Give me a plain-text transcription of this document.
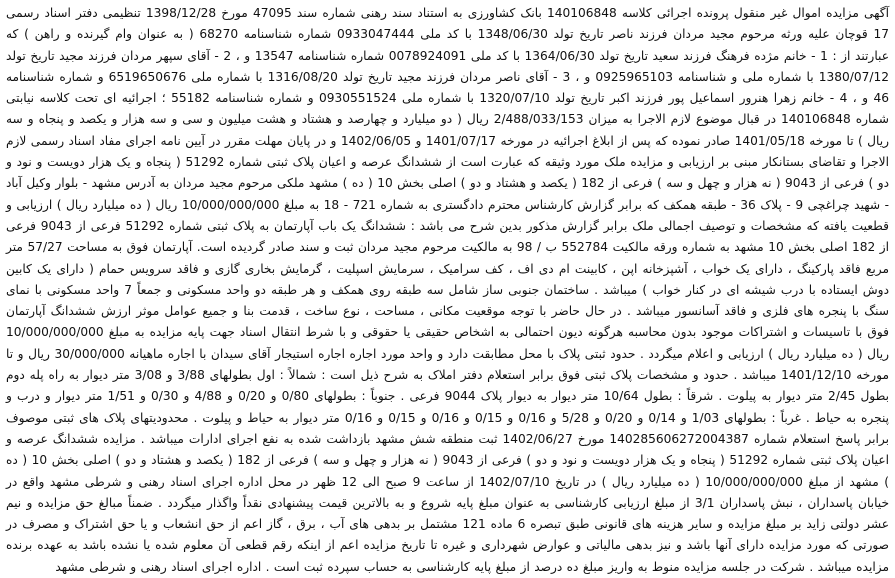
آگهی مزایده اموال غیر منقول پرونده اجرائی کلاسه 140106848 بانک کشاورزی به استناد سند رهنی شماره سند 47095 مورخ 1398/12/28 تنظیمی دفتر اسناد رسمی 17 قوچان علیه ورثه مرحوم مجید مردان فرزند ناصر تاریخ تولد 1348/06/30 با کد ملی 0933047444 شماره شناسنامه 68270 ( به عنوان وام گیرنده و راهن ) که عبارتند از : 1 - خانم مژده فرهنگ فرزند سعید تاریخ تولد 1364/06/30 با کد ملی 0078924091 شماره شناسنامه 13547 و ، 2 - آقای سپهر مردان فرزند مجید تاریخ تولد 1380/07/12 با شماره ملی و شناسنامه 0925965103 و ، 3 - آقای ناصر مردان فرزند مجید تاریخ تولد 1316/08/20 با شماره ملی 6519650676 و شماره شناسنامه 46 و ، 4 - خانم زهرا هنرور اسماعیل پور فرزند اکبر تاریخ تولد 1320/07/10 با شماره ملی 0930551524 و شماره شناسنامه 55182 ؛ اجرائیه ای تحت کلاسه نیابتی شماره 140106848 در قبال موضوع لازم الاجرا به میزان 2/488/033/153 ریال ( دو میلیارد و چهارصد و هشتاد و هشت میلیون و سی و سه هزار و یکصد و پنجاه و سه ریال ) تا مورخه 1401/05/18 صادر نموده که پس از ابلاغ اجرائیه در مورخه 1401/07/17 و 1402/06/05 و در پایان مهلت مقرر در آیین نامه اجرای مفاد اسناد رسمی لازم الاجرا و تقاضای بستانکار مبنی بر ارزیابی و مزایده ملک مورد وثیقه که عبارت است از ششدانگ عرصه و اعیان پلاک ثبتی شماره 51292 ( پنجاه و یک هزار دویست و نود و دو ) فرعی از 9043 ( نه هزار و چهل و سه ) فرعی از 182 ( یکصد و هشتاد و دو ) اصلی بخش 10 ( ده ) مشهد ملکی مرحوم مجید مردان به آدرس مشهد - بلوار وکیل آباد - شهید چراغچی 9 - پلاک 36 - طبقه همکف که برابر گزارش کارشناس محترم دادگستری به شماره 721 - 18 به مبلغ 10/000/000/000 ریال ( ده میلیارد ریال ) ارزیابی و قطعیت یافته که مشخصات و توصیف اجمالی ملک برابر گزارش مذکور بدین شرح می باشد : ششدانگ یک باب آپارتمان به پلاک ثبتی شماره 51292 فرعی از 9043 فرعی از 182 اصلی بخش 10 مشهد به شماره ورقه مالکیت 552784 ب / 98 به مالکیت مرحوم مجید مردان ثبت و سند صادر گردیده است. آپارتمان فوق به مساحت 57/27 متر مربع فاقد پارکینگ ، دارای یک خواب ، آشپزخانه اپن ، کابینت ام دی اف ، کف سرامیک ، سرمایش اسپلیت ، گرمایش بخاری گازی و فاقد سرویس حمام ( دارای یک کابین دوش ایستاده با درب شیشه ای در کنار خواب ) میباشد . ساختمان جنوبی ساز شامل سه طبقه روی همکف و هر طبقه دو واحد مسکونی و جمعاً 7 واحد مسکونی با نمای سنگ با پنجره های فلزی و فاقد آسانسور میباشد . در حال حاضر با توجه موقعیت مکانی ، مساحت ، نوع ساخت ، قدمت بنا و جمیع عوامل موثر ارزش ششدانگ آپارتمان فوق با تاسیسات و اشتراکات موجود بدون محاسبه هرگونه دیون احتمالی به اشخاص حقیقی یا حقوقی و با شرط انتقال اسناد جهت پایه مزایده به مبلغ 10/000/000/000 ریال ( ده میلیارد ریال ) ارزیابی و اعلام میگردد . حدود ثبتی پلاک با محل مطابقت دارد و واحد مورد اجاره اجاره استیجار آقای سیدان با اجاره ماهیانه 30/000/000 ریال و تا مورخه 1401/12/10 میباشد . حدود و مشخصات پلاک ثبتی فوق برابر استعلام دفتر املاک به شرح ذیل است : شمالاً : اول بطولهای 3/88 و 3/08 متر دیوار به راه پله دوم بطول 2/45 متر دیوار به پیلوت . شرقاً : بطول 10/64 متر دیوار به دیوار پلاک 9044 فرعی . جنوباً : بطولهای 0/80 و 0/20 و 4/88 و 0/30 و 1/51 متر دیوار و درب و پنجره به حیاط . غرباً : بطولهای 1/03 و 0/14 و 0/20 و 5/28 و 0/16 و 0/15 و 0/16 و 0/15 و 0/16 متر دیوار به حیاط و پیلوت . محدودیتهای پلاک های ثبتی موصوف برابر پاسخ استعلام شماره 140285606272004387 مورخ 1402/06/27 ثبت منطقه شش مشهد بازداشت شده به نفع اجرای ادارات میباشد . مزایده ششدانگ عرصه و اعیان پلاک ثبتی شماره 51292 ( پنجاه و یک هزار دویست و نود و دو ) فرعی از 9043 ( نه هزار و چهل و سه ) فرعی از 182 ( یکصد و هشتاد و دو ) اصلی بخش 10 ( ده ) مشهد از مبلغ 10/000/000/000 ( ده میلیارد ریال ) در تاریخ 1402/07/10 از ساعت 9 صبح الی 12 ظهر در محل اداره اجرای اسناد رهنی و شرطی مشهد واقع در خیابان پاسداران ، نبش پاسداران 3/1 از مبلغ ارزیابی کارشناسی به عنوان مبلغ پایه شروع و به بالاترین قیمت پیشنهادی نقداً واگذار میگردد . ضمناً مبالغ حق مزایده و نیم عشر دولتی زاید بر مبلغ مزایده و سایر هزینه های قانونی طبق تبصره 6 ماده 121 مشتمل بر بدهی های آب ، برق ، گاز اعم از حق انشعاب و یا حق اشتراک و مصرف در صورتی که مورد مزایده دارای آنها باشد و نیز بدهی مالیاتی و عوارض شهرداری و غیره تا تاریخ مزایده اعم از اینکه رقم قطعی آن معلوم شده یا نشده باشد به عهده برنده مزایده میباشد . شرکت در جلسه مزایده منوط به واریز مبلغ ده درصد از مبلغ پایه کارشناسی به حساب سپرده ثبت است . اداره اجرای اسناد رهنی و شرطی مشهد
